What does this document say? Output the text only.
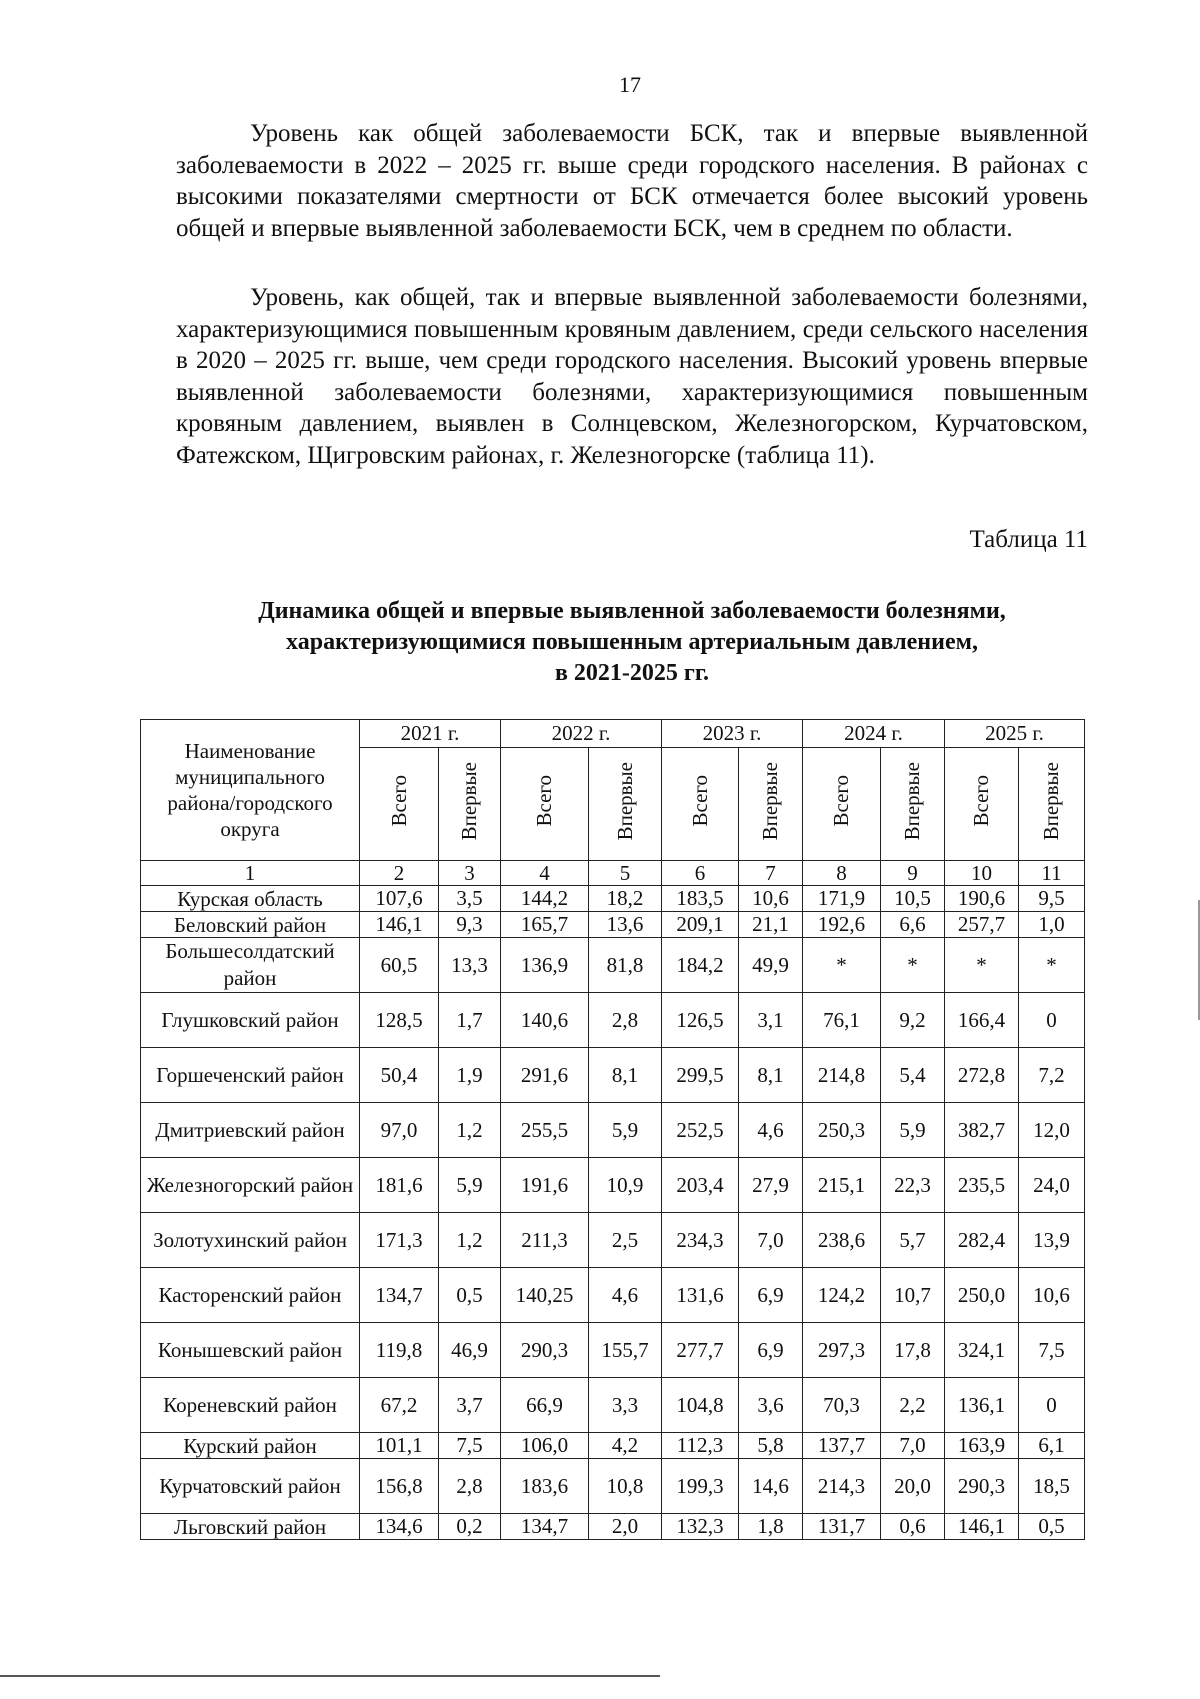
17

Уровень как общей заболеваемости БСК, так и впервые выявленной заболеваемости в 2022 – 2025 гг. выше среди городского населения. В районах с высокими показателями смертности от БСК отмечается более высокий уровень общей и впервые выявленной заболеваемости БСК, чем в среднем по области.

Уровень, как общей, так и впервые выявленной заболеваемости болезнями, характеризующимися повышенным кровяным давлением, среди сельского населения в 2020 – 2025 гг. выше, чем среди городского населения. Высокий уровень впервые выявленной заболеваемости болезнями, характеризующимися повышенным кровяным давлением, выявлен в Солнцевском, Железногорском, Курчатовском, Фатежском, Щигровским районах, г. Железногорске (таблица 11).

Таблица 11
Динамика общей и впервые выявленной заболеваемости болезнями,
характеризующимися повышенным артериальным давлением,
в 2021-2025 гг.
Наименование муниципального района/городского округа	2021 г.		2022 г.		2023 г.		2024 г.		2025 г.	
	Всего	Впервые	Всего	Впервые	Всего	Впервые	Всего	Впервые	Всего	Впервые
1	2	3	4	5	6	7	8	9	10	11
Курская область	107,6	3,5	144,2	18,2	183,5	10,6	171,9	10,5	190,6	9,5
Беловский район	146,1	9,3	165,7	13,6	209,1	21,1	192,6	6,6	257,7	1,0
Большесолдатский район	60,5	13,3	136,9	81,8	184,2	49,9	*	*	*	*
Глушковский район	128,5	1,7	140,6	2,8	126,5	3,1	76,1	9,2	166,4	0
Горшеченский район	50,4	1,9	291,6	8,1	299,5	8,1	214,8	5,4	272,8	7,2
Дмитриевский район	97,0	1,2	255,5	5,9	252,5	4,6	250,3	5,9	382,7	12,0
Железногорский район	181,6	5,9	191,6	10,9	203,4	27,9	215,1	22,3	235,5	24,0
Золотухинский район	171,3	1,2	211,3	2,5	234,3	7,0	238,6	5,7	282,4	13,9
Касторенский район	134,7	0,5	140,25	4,6	131,6	6,9	124,2	10,7	250,0	10,6
Конышевский район	119,8	46,9	290,3	155,7	277,7	6,9	297,3	17,8	324,1	7,5
Кореневский район	67,2	3,7	66,9	3,3	104,8	3,6	70,3	2,2	136,1	0
Курский район	101,1	7,5	106,0	4,2	112,3	5,8	137,7	7,0	163,9	6,1
Курчатовский район	156,8	2,8	183,6	10,8	199,3	14,6	214,3	20,0	290,3	18,5
Льговский район	134,6	0,2	134,7	2,0	132,3	1,8	131,7	0,6	146,1	0,5
